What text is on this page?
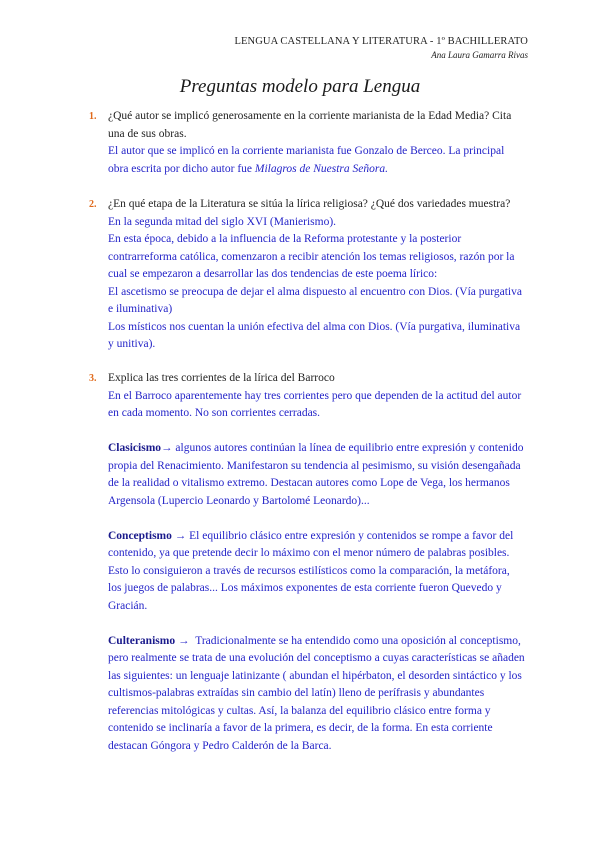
LENGUA CASTELLANA Y LITERATURA - 1º BACHILLERATO
Ana Laura Gamarra Rivas
Preguntas modelo para Lengua
1. ¿Qué autor se implicó generosamente en la corriente marianista de la Edad Media? Cita una de sus obras.

El autor que se implicó en la corriente marianista fue Gonzalo de Berceo. La principal obra escrita por dicho autor fue Milagros de Nuestra Señora.

2. ¿En qué etapa de la Literatura se sitúa la lírica religiosa? ¿Qué dos variedades muestra?

En la segunda mitad del siglo XVI (Manierismo).

En esta época, debido a la influencia de la Reforma protestante y la posterior contrarreforma católica, comenzaron a recibir atención los temas religiosos, razón por la cual se empezaron a desarrollar las dos tendencias de este poema lírico:

El ascetismo se preocupa de dejar el alma dispuesto al encuentro con Dios. (Vía purgativa e iluminativa)

Los místicos nos cuentan la unión efectiva del alma con Dios. (Vía purgativa, iluminativa y unitiva).

3. Explica las tres corrientes de la lírica del Barroco

En el Barroco aparentemente hay tres corrientes pero que dependen de la actitud del autor en cada momento. No son corrientes cerradas.

Clasicismo→ algunos autores continúan la línea de equilibrio entre expresión y contenido propia del Renacimiento. Manifestaron su tendencia al pesimismo, su visión desengañada de la realidad o vitalismo extremo. Destacan autores como Lope de Vega, los hermanos Argensola (Lupercio Leonardo y Bartolomé Leonardo)...

Conceptismo → El equilibrio clásico entre expresión y contenidos se rompe a favor del contenido, ya que pretende decir lo máximo con el menor número de palabras posibles. Esto lo consiguieron a través de recursos estilísticos como la comparación, la metáfora, los juegos de palabras... Los máximos exponentes de esta corriente fueron Quevedo y Gracián.

Culteranismo → Tradicionalmente se ha entendido como una oposición al conceptismo, pero realmente se trata de una evolución del conceptismo a cuyas características se añaden las siguientes: un lenguaje latinizante ( abundan el hipérbaton, el desorden sintáctico y los cultismos-palabras extraídas sin cambio del latín) lleno de perífrasis y abundantes referencias mitológicas y cultas. Así, la balanza del equilibrio clásico entre forma y contenido se inclinaría a favor de la primera, es decir, de la forma. En esta corriente destacan Góngora y Pedro Calderón de la Barca.
